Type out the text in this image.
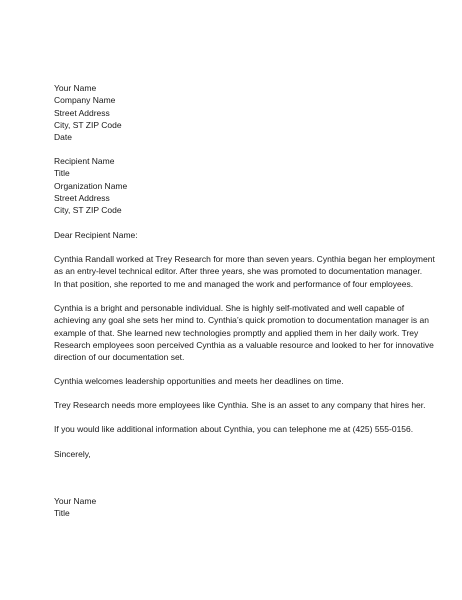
Your Name
Company Name
Street Address
City, ST ZIP Code
Date
Recipient Name
Title
Organization Name
Street Address
City, ST ZIP Code
Dear Recipient Name:
Cynthia Randall worked at Trey Research for more than seven years. Cynthia began her employment
as an entry-level technical editor. After three years, she was promoted to documentation manager.
In that position, she reported to me and managed the work and performance of four employees.
Cynthia is a bright and personable individual. She is highly self-motivated and well capable of
achieving any goal she sets her mind to. Cynthia’s quick promotion to documentation manager is an
example of that. She learned new technologies promptly and applied them in her daily work. Trey
Research employees soon perceived Cynthia as a valuable resource and looked to her for innovative
direction of our documentation set.
Cynthia welcomes leadership opportunities and meets her deadlines on time.
Trey Research needs more employees like Cynthia. She is an asset to any company that hires her.
If you would like additional information about Cynthia, you can telephone me at (425) 555-0156.
Sincerely,
Your Name
Title
